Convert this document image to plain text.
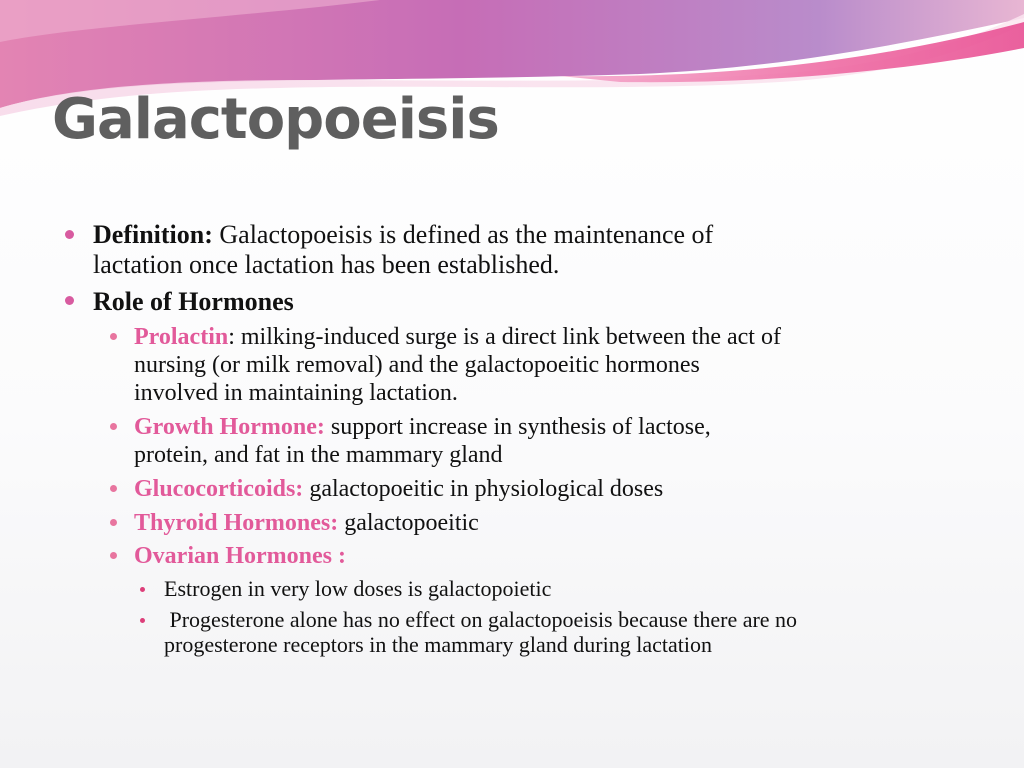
Galactopoeisis
Definition: Galactopoeisis is defined as the maintenance of
lactation once lactation has been established.
Role of Hormones
Prolactin: milking-induced surge is a direct link between the act of
nursing (or milk removal) and the galactopoeitic hormones
involved in maintaining lactation.
Growth Hormone: support increase in synthesis of lactose,
protein, and fat in the mammary gland
Glucocorticoids: galactopoeitic in physiological doses
Thyroid Hormones: galactopoeitic
Ovarian Hormones :
Estrogen in very low doses is galactopoietic
Progesterone alone has no effect on galactopoeisis because there are no
progesterone receptors in the mammary gland during lactation
